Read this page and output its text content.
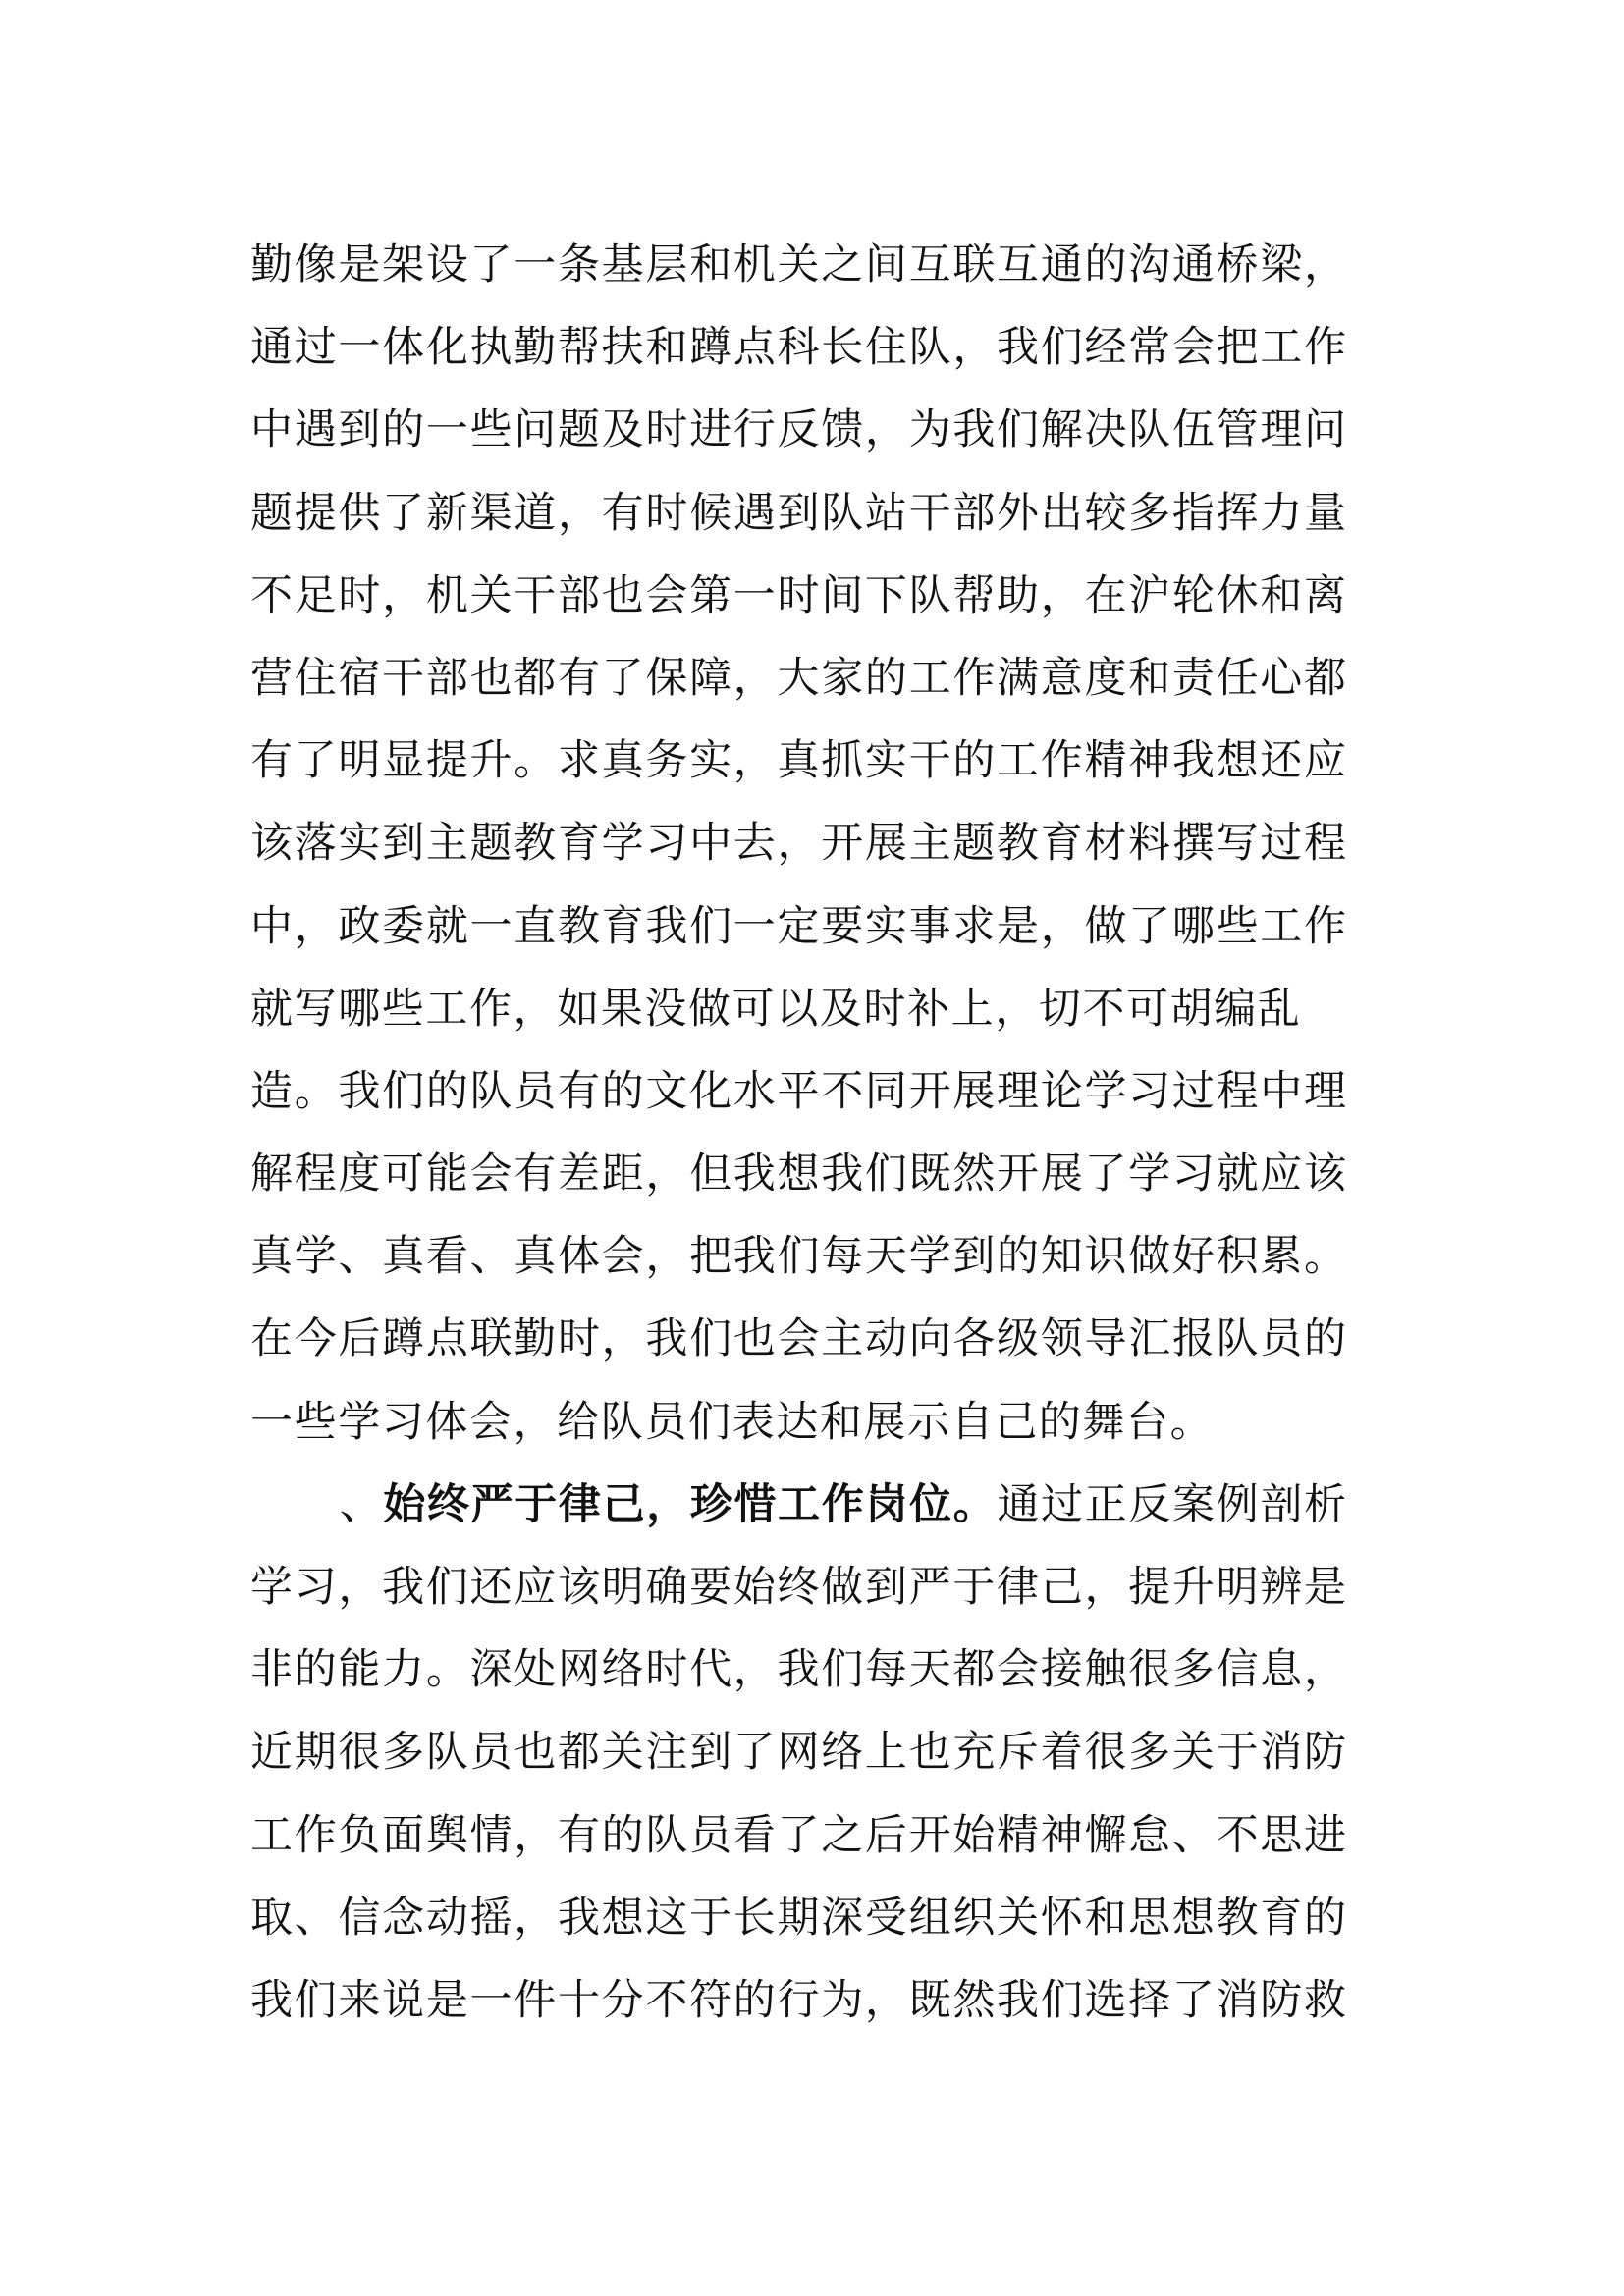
勤像是架设了一条基层和机关之间互联互通的沟通桥梁，
通过一体化执勤帮扶和蹲点科长住队，我们经常会把工作
中遇到的一些问题及时进行反馈，为我们解决队伍管理问
题提供了新渠道，有时候遇到队站干部外出较多指挥力量
不足时，机关干部也会第一时间下队帮助，在沪轮休和离
营住宿干部也都有了保障，大家的工作满意度和责任心都
有了明显提升。求真务实，真抓实干的工作精神我想还应
该落实到主题教育学习中去，开展主题教育材料撰写过程
中，政委就一直教育我们一定要实事求是，做了哪些工作
就写哪些工作，如果没做可以及时补上，切不可胡编乱
造。我们的队员有的文化水平不同开展理论学习过程中理
解程度可能会有差距，但我想我们既然开展了学习就应该
真学、真看、真体会，把我们每天学到的知识做好积累。
在今后蹲点联勤时，我们也会主动向各级领导汇报队员的
一些学习体会，给队员们表达和展示自己的舞台。
、始终严于律己，珍惜工作岗位。通过正反案例剖析
学习，我们还应该明确要始终做到严于律己，提升明辨是
非的能力。深处网络时代，我们每天都会接触很多信息，
近期很多队员也都关注到了网络上也充斥着很多关于消防
工作负面舆情，有的队员看了之后开始精神懈怠、不思进
取、信念动摇，我想这于长期深受组织关怀和思想教育的
我们来说是一件十分不符的行为，既然我们选择了消防救
